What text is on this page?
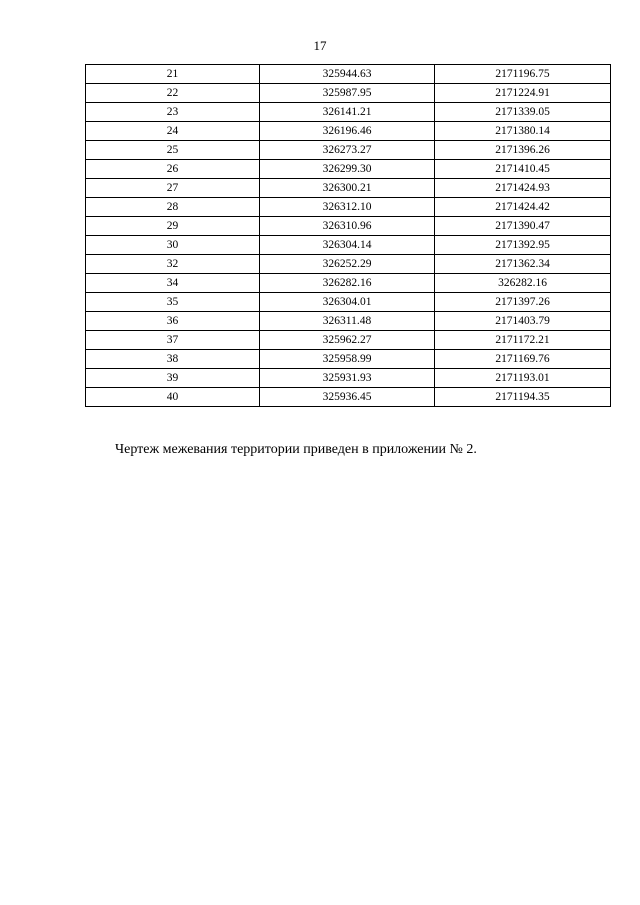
17
21	325944.63	2171196.75
22	325987.95	2171224.91
23	326141.21	2171339.05
24	326196.46	2171380.14
25	326273.27	2171396.26
26	326299.30	2171410.45
27	326300.21	2171424.93
28	326312.10	2171424.42
29	326310.96	2171390.47
30	326304.14	2171392.95
32	326252.29	2171362.34
34	326282.16	326282.16
35	326304.01	2171397.26
36	326311.48	2171403.79
37	325962.27	2171172.21
38	325958.99	2171169.76
39	325931.93	2171193.01
40	325936.45	2171194.35
Чертеж межевания территории приведен в приложении № 2.
